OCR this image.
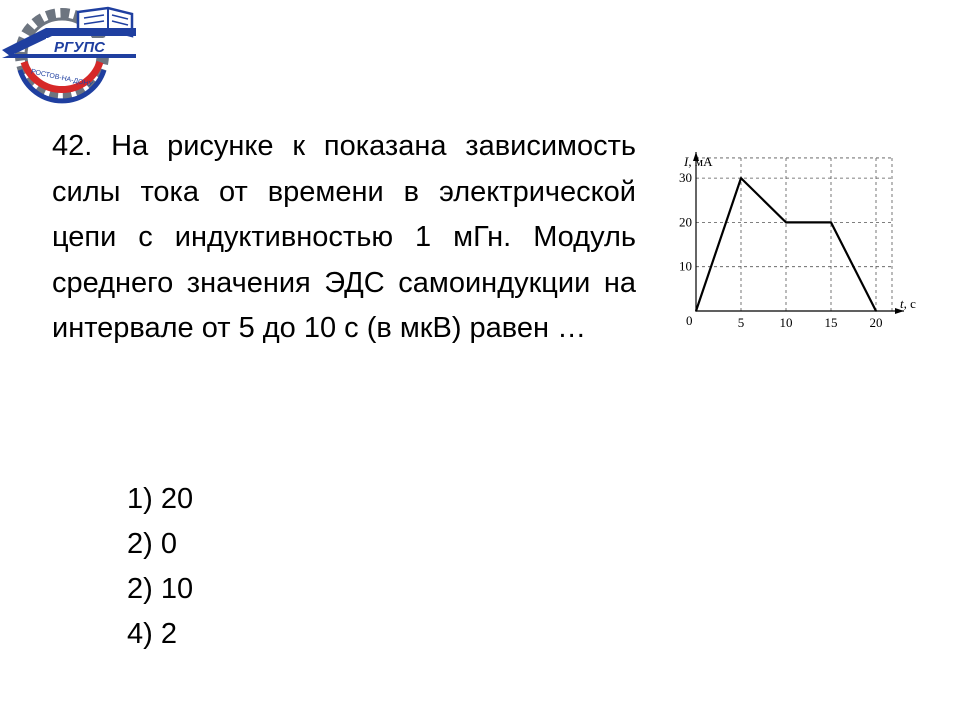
РГУПС
РОСТОВ-НА-ДОНУ

42. На рисунке к показана зависимость силы тока от времени в электрической цепи с индуктивностью 1 мГн. Модуль среднего значения ЭДС самоиндукции на интервале от 5 до 10 с (в мкВ) равен …	5	10 15 20
10
20
30
I, мА
t, с
0
1) 20
2) 0
2) 10
4) 2
